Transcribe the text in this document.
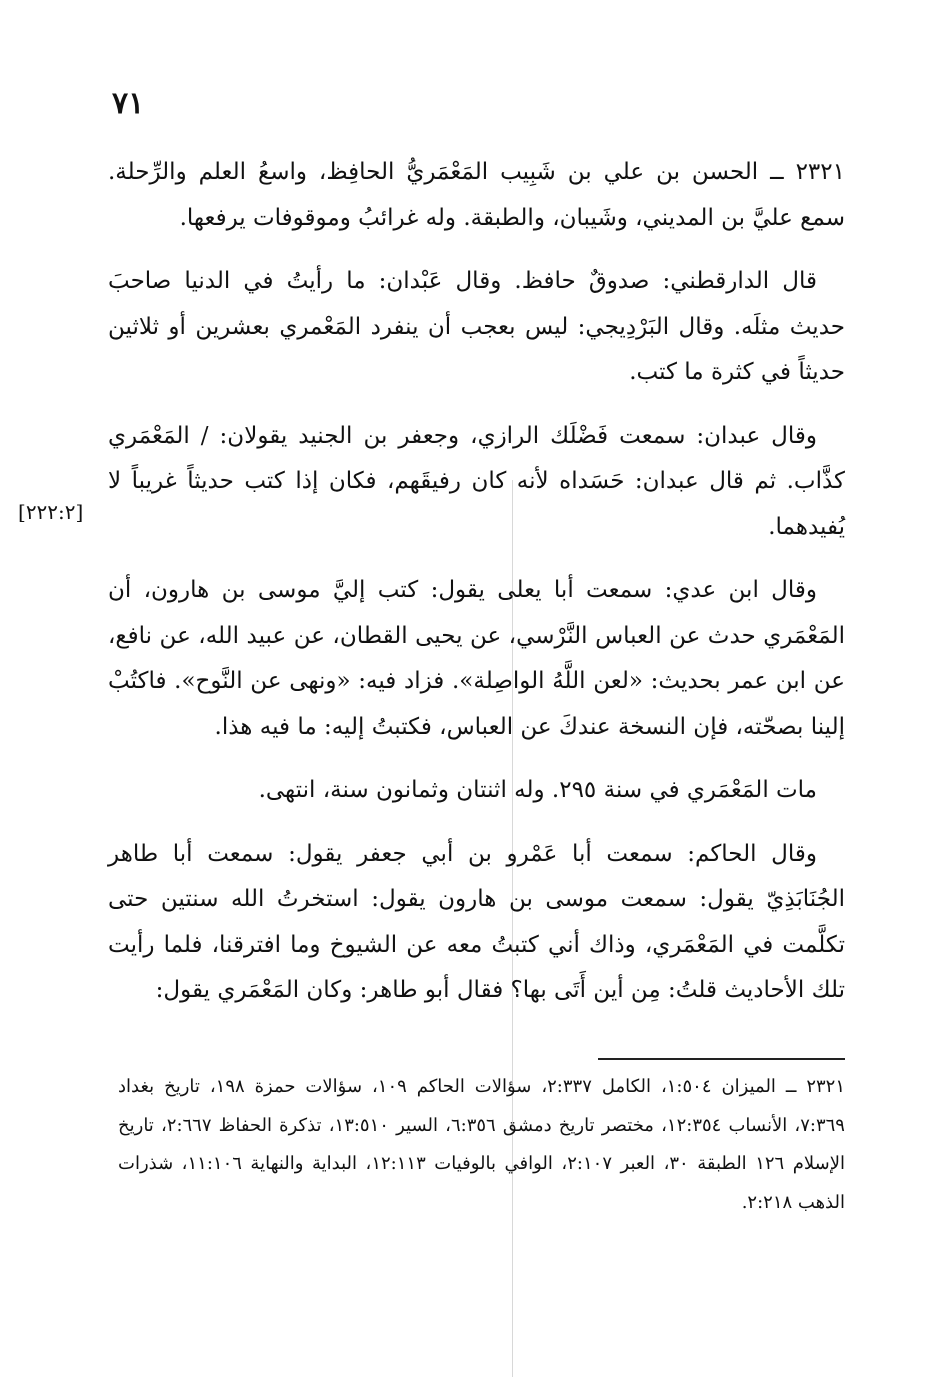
٧١
[٢٢٢:٢]

٢٣٢١ ــ الحسن بن علي بن شَبِيب المَعْمَريُّ الحافِظ، واسعُ العلم والرِّحلة. سمع عليَّ بن المديني، وشَيبان، والطبقة. وله غرائبُ وموقوفات يرفعها.

قال الدارقطني: صدوقٌ حافظ. وقال عَبْدان: ما رأيتُ في الدنيا صاحبَ حديث مثلَه. وقال البَرْدِيجي: ليس بعجب أن ينفرد المَعْمري بعشرين أو ثلاثين حديثاً في كثرة ما كتب.

وقال عبدان: سمعت فَضْلَك الرازي، وجعفر بن الجنيد يقولان: / المَعْمَري كذَّاب. ثم قال عبدان: حَسَداه لأنه كان رفيقَهم، فكان إذا كتب حديثاً غريباً لا يُفيدهما.

وقال ابن عدي: سمعت أبا يعلى يقول: كتب إليَّ موسى بن هارون، أن المَعْمَري حدث عن العباس النَّرْسي، عن يحيى القطان، عن عبيد الله، عن نافع، عن ابن عمر بحديث: «لعن اللَّهُ الواصِلة». فزاد فيه: «ونهى عن النَّوح». فاكتُبْ إلينا بصحّته، فإن النسخة عندكَ عن العباس، فكتبتُ إليه: ما فيه هذا.

مات المَعْمَري في سنة ٢٩٥. وله اثنتان وثمانون سنة، انتهى.

وقال الحاكم: سمعت أبا عَمْرو بن أبي جعفر يقول: سمعت أبا طاهر الجُنَابَذِيّ يقول: سمعت موسى بن هارون يقول: استخرتُ الله سنتين حتى تكلَّمت في المَعْمَري، وذاك أني كتبتُ معه عن الشيوخ وما افترقنا، فلما رأيت تلك الأحاديث قلتُ: مِن أين أَتَى بها؟ فقال أبو طاهر: وكان المَعْمَري يقول:

٢٣٢١ ــ الميزان ١:٥٠٤، الكامل ٢:٣٣٧، سؤالات الحاكم ١٠٩، سؤالات حمزة ١٩٨، تاريخ بغداد ٧:٣٦٩، الأنساب ١٢:٣٥٤، مختصر تاريخ دمشق ٦:٣٥٦، السير ١٣:٥١٠، تذكرة الحفاظ ٢:٦٦٧، تاريخ الإسلام ١٢٦ الطبقة ٣٠، العبر ٢:١٠٧، الوافي بالوفيات ١٢:١١٣، البداية والنهاية ١١:١٠٦، شذرات الذهب ٢:٢١٨.
